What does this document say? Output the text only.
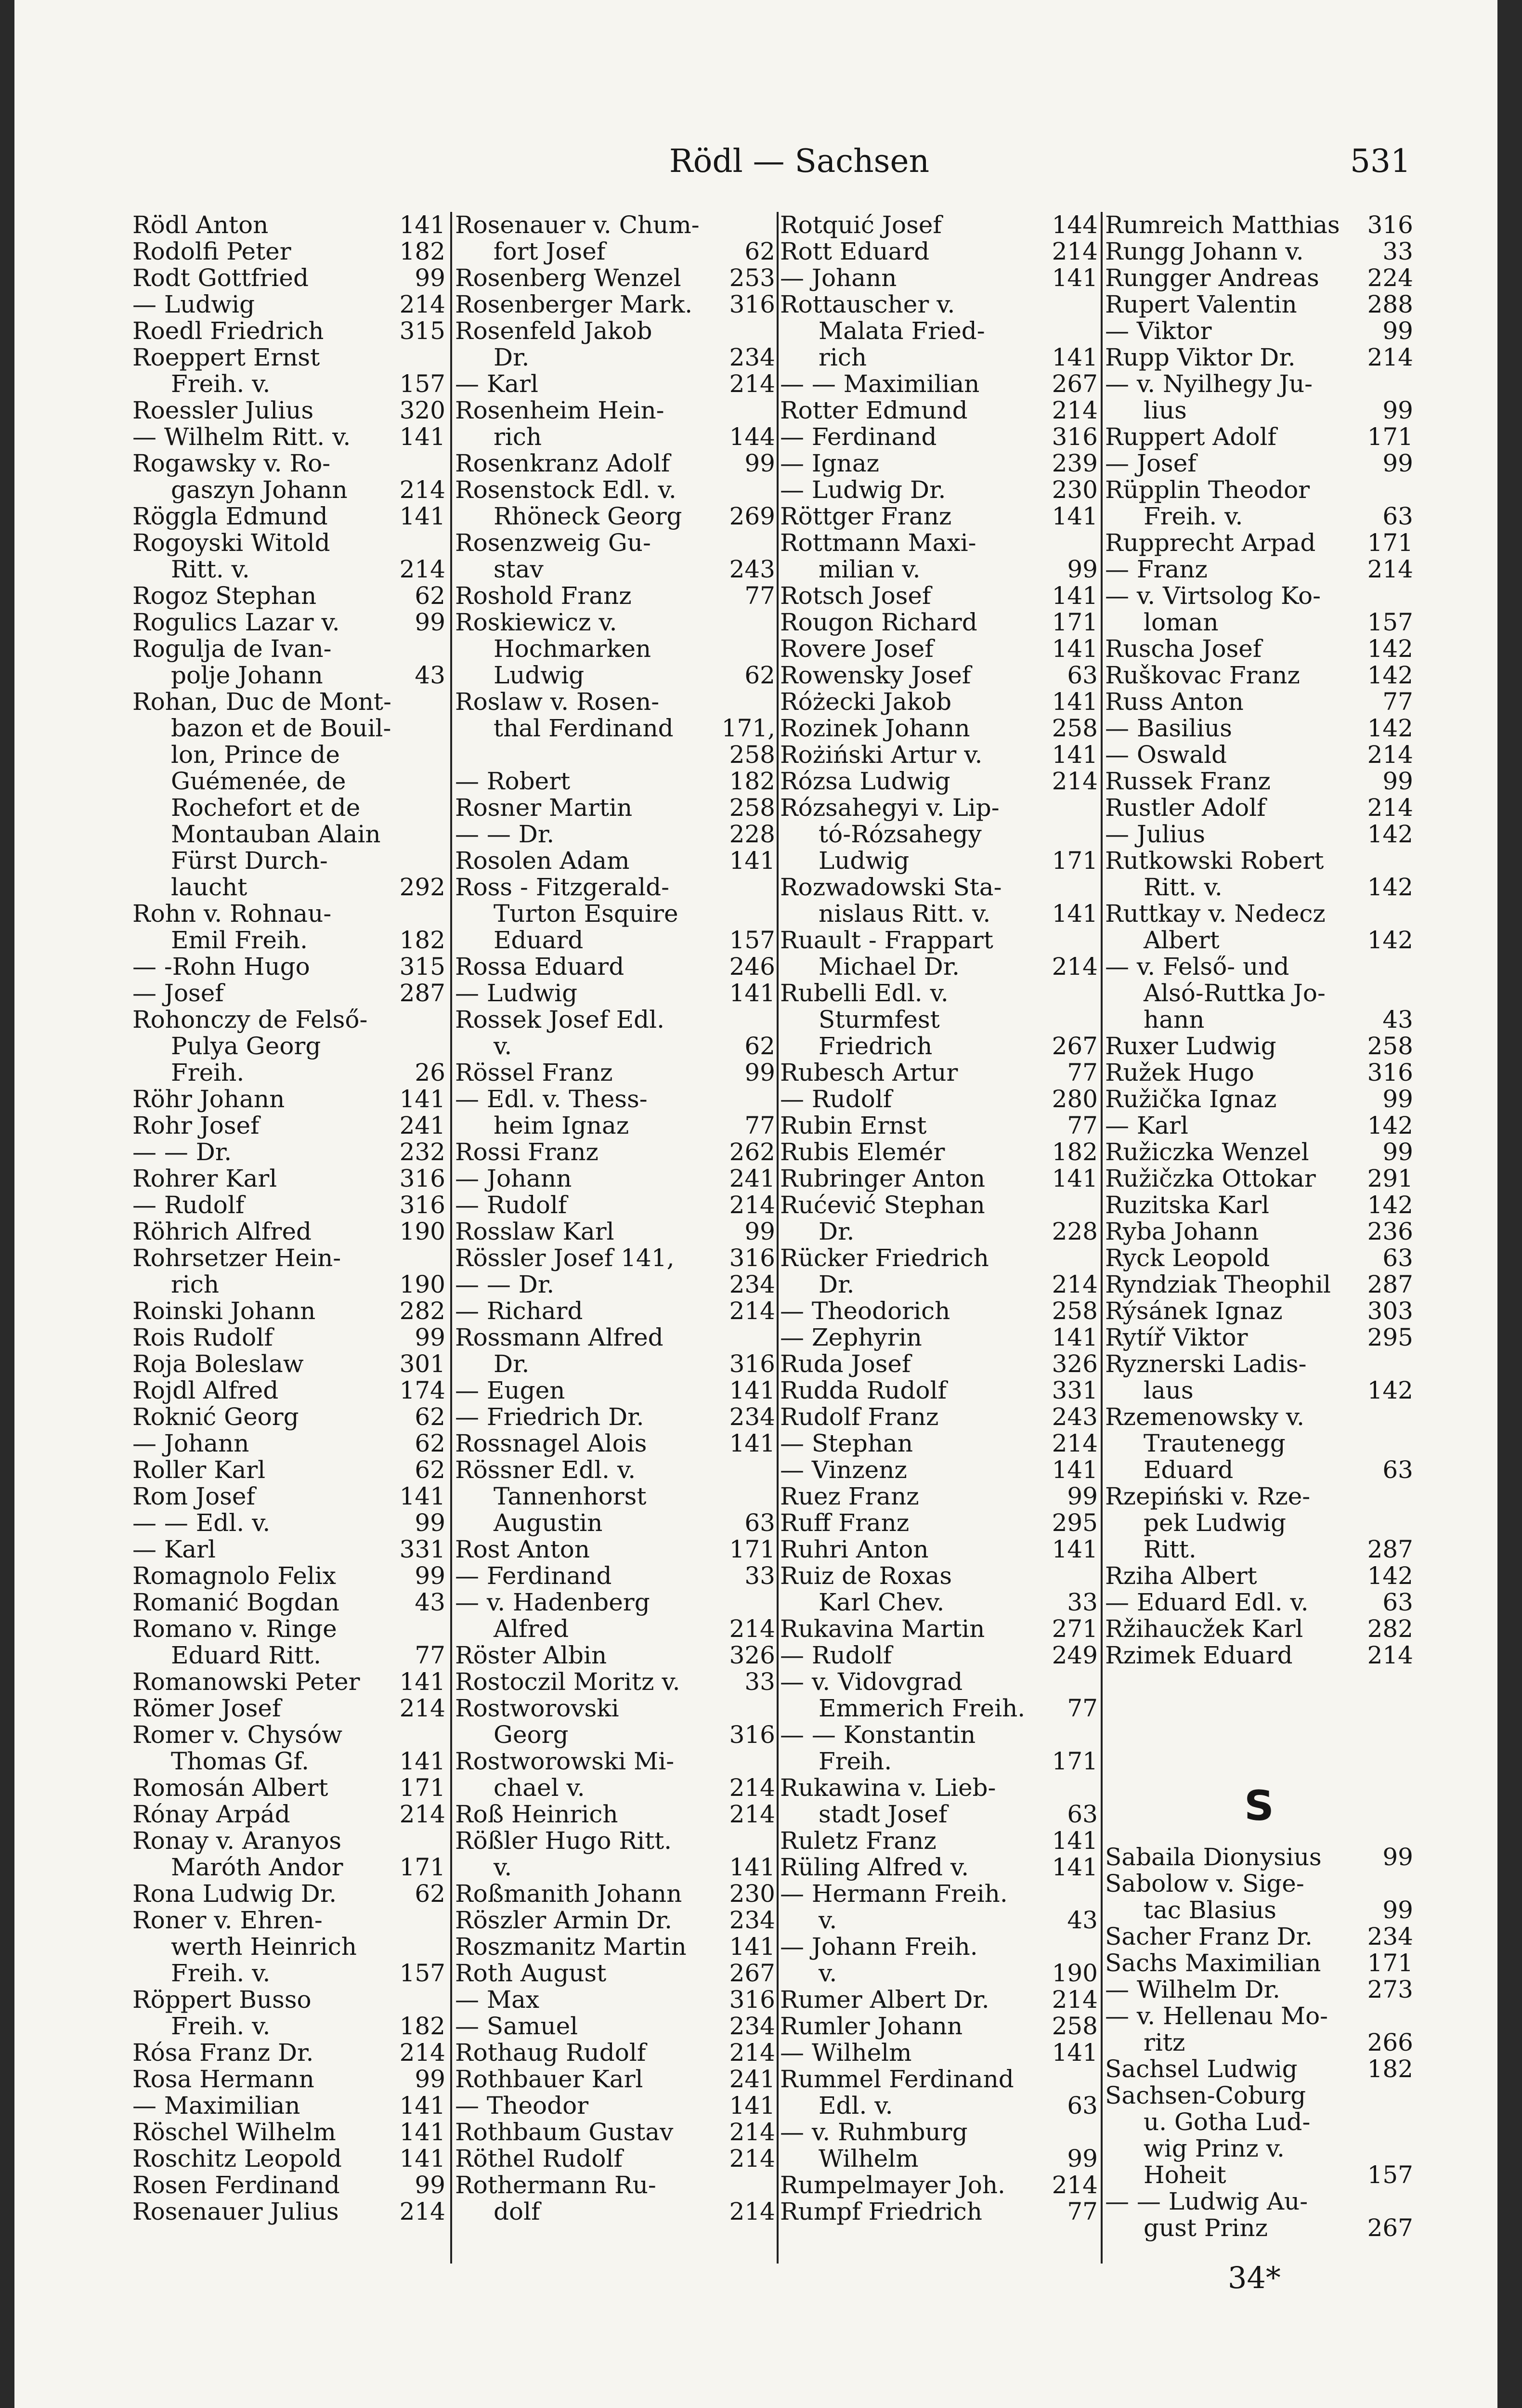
Rödl — Sachsen	531
Rödl Anton	141
Rodolfi Peter	182
Rodt Gottfried	99
— Ludwig	214
Roedl Friedrich	315
Roeppert Ernst
Freih. v.	157
Roessler Julius	320
— Wilhelm Ritt. v.	141
Rogawsky v. Ro-
gaszyn Johann	214
Röggla Edmund	141
Rogoyski Witold
Ritt. v.	214
Rogoz Stephan	62
Rogulics Lazar v.	99
Rogulja de Ivan-
polje Johann	43
Rohan, Duc de Mont-
bazon et de Bouil-
lon, Prince de
Guémenée, de
Rochefort et de
Montauban Alain
Fürst Durch-
laucht	292
Rohn v. Rohnau-
Emil Freih.	182
— -Rohn Hugo	315
— Josef	287
Rohonczy de Felső-
Pulya Georg
Freih.	26
Röhr Johann	141
Rohr Josef	241
— — Dr.	232
Rohrer Karl	316
— Rudolf	316
Röhrich Alfred	190
Rohrsetzer Hein-
rich	190
Roinski Johann	282
Rois Rudolf	99
Roja Boleslaw	301
Rojdl Alfred	174
Roknić Georg	62
— Johann	62
Roller Karl	62
Rom Josef	141
— — Edl. v.	99
— Karl	331
Romagnolo Felix	99
Romanić Bogdan	43
Romano v. Ringe
Eduard Ritt.	77
Romanowski Peter	141
Römer Josef	214
Romer v. Chysów
Thomas Gf.	141
Romosán Albert	171
Rónay Arpád	214
Ronay v. Aranyos
Maróth Andor	171
Rona Ludwig Dr.	62
Roner v. Ehren-
werth Heinrich
Freih. v.	157
Röppert Busso
Freih. v.	182
Rósa Franz Dr.	214
Rosa Hermann	99
— Maximilian	141
Röschel Wilhelm	141
Roschitz Leopold	141
Rosen Ferdinand	99
Rosenauer Julius	214
Rosenauer v. Chum-
fort Josef	62
Rosenberg Wenzel	253
Rosenberger Mark.	316
Rosenfeld Jakob
Dr.	234
— Karl	214
Rosenheim Hein-
rich	144
Rosenkranz Adolf	99
Rosenstock Edl. v.
Rhöneck Georg	269
Rosenzweig Gu-
stav	243
Roshold Franz	77
Roskiewicz v.
Hochmarken
Ludwig	62
Roslaw v. Rosen-
thal Ferdinand	171,
258
— Robert	182
Rosner Martin	258
— — Dr.	228
Rosolen Adam	141
Ross - Fitzgerald-
Turton Esquire
Eduard	157
Rossa Eduard	246
— Ludwig	141
Rossek Josef Edl.
v.	62
Rössel Franz	99
— Edl. v. Thess-
heim Ignaz	77
Rossi Franz	262
— Johann	241
— Rudolf	214
Rosslaw Karl	99
Rössler Josef 141,	316
— — Dr.	234
— Richard	214
Rossmann Alfred
Dr.	316
— Eugen	141
— Friedrich Dr.	234
Rossnagel Alois	141
Rössner Edl. v.
Tannenhorst
Augustin	63
Rost Anton	171
— Ferdinand	33
— v. Hadenberg
Alfred	214
Röster Albin	326
Rostoczil Moritz v.	33
Rostworovski
Georg	316
Rostworowski Mi-
chael v.	214
Roß Heinrich	214
Rößler Hugo Ritt.
v.	141
Roßmanith Johann	230
Röszler Armin Dr.	234
Roszmanitz Martin	141
Roth August	267
— Max	316
— Samuel	234
Rothaug Rudolf	214
Rothbauer Karl	241
— Theodor	141
Rothbaum Gustav	214
Röthel Rudolf	214
Rothermann Ru-
dolf	214
Rotquić Josef	144
Rott Eduard	214
— Johann	141
Rottauscher v.
Malata Fried-
rich	141
— — Maximilian	267
Rotter Edmund	214
— Ferdinand	316
— Ignaz	239
— Ludwig Dr.	230
Röttger Franz	141
Rottmann Maxi-
milian v.	99
Rotsch Josef	141
Rougon Richard	171
Rovere Josef	141
Rowensky Josef	63
Różecki Jakob	141
Rozinek Johann	258
Rożiński Artur v.	141
Rózsa Ludwig	214
Rózsahegyi v. Lip-
tó-Rózsahegy
Ludwig	171
Rozwadowski Sta-
nislaus Ritt. v.	141
Ruault - Frappart
Michael Dr.	214
Rubelli Edl. v.
Sturmfest
Friedrich	267
Rubesch Artur	77
— Rudolf	280
Rubin Ernst	77
Rubis Elemér	182
Rubringer Anton	141
Rućević Stephan
Dr.	228
Rücker Friedrich
Dr.	214
— Theodorich	258
— Zephyrin	141
Ruda Josef	326
Rudda Rudolf	331
Rudolf Franz	243
— Stephan	214
— Vinzenz	141
Ruez Franz	99
Ruff Franz	295
Ruhri Anton	141
Ruiz de Roxas
Karl Chev.	33
Rukavina Martin	271
— Rudolf	249
— v. Vidovgrad
Emmerich Freih.	77
— — Konstantin
Freih.	171
Rukawina v. Lieb-
stadt Josef	63
Ruletz Franz	141
Rüling Alfred v.	141
— Hermann Freih.
v.	43
— Johann Freih.
v.	190
Rumer Albert Dr.	214
Rumler Johann	258
— Wilhelm	141
Rummel Ferdinand
Edl. v.	63
— v. Ruhmburg
Wilhelm	99
Rumpelmayer Joh.	214
Rumpf Friedrich	77
Rumreich Matthias	316
Rungg Johann v.	33
Rungger Andreas	224
Rupert Valentin	288
— Viktor	99
Rupp Viktor Dr.	214
— v. Nyilhegy Ju-
lius	99
Ruppert Adolf	171
— Josef	99
Rüpplin Theodor
Freih. v.	63
Rupprecht Arpad	171
— Franz	214
— v. Virtsolog Ko-
loman	157
Ruscha Josef	142
Ruškovac Franz	142
Russ Anton	77
— Basilius	142
— Oswald	214
Russek Franz	99
Rustler Adolf	214
— Julius	142
Rutkowski Robert
Ritt. v.	142
Ruttkay v. Nedecz
Albert	142
— v. Felső- und
Alsó-Ruttka Jo-
hann	43
Ruxer Ludwig	258
Ružek Hugo	316
Ružička Ignaz	99
— Karl	142
Ružiczka Wenzel	99
Ružičzka Ottokar	291
Ruzitska Karl	142
Ryba Johann	236
Ryck Leopold	63
Ryndziak Theophil	287
Rýsánek Ignaz	303
Rytíř Viktor	295
Ryznerski Ladis-
laus	142
Rzemenowsky v.
Trautenegg
Eduard	63
Rzepiński v. Rze-
pek Ludwig
Ritt.	287
Rziha Albert	142
— Eduard Edl. v.	63
Ržihaucžek Karl	282
Rzimek Eduard	214
S
Sabaila Dionysius	99
Sabolow v. Sige-
tac Blasius	99
Sacher Franz Dr.	234
Sachs Maximilian	171
— Wilhelm Dr.	273
— v. Hellenau Mo-
ritz	266
Sachsel Ludwig	182
Sachsen-Coburg
u. Gotha Lud-
wig Prinz v.
Hoheit	157
— — Ludwig Au-
gust Prinz	267
34*
